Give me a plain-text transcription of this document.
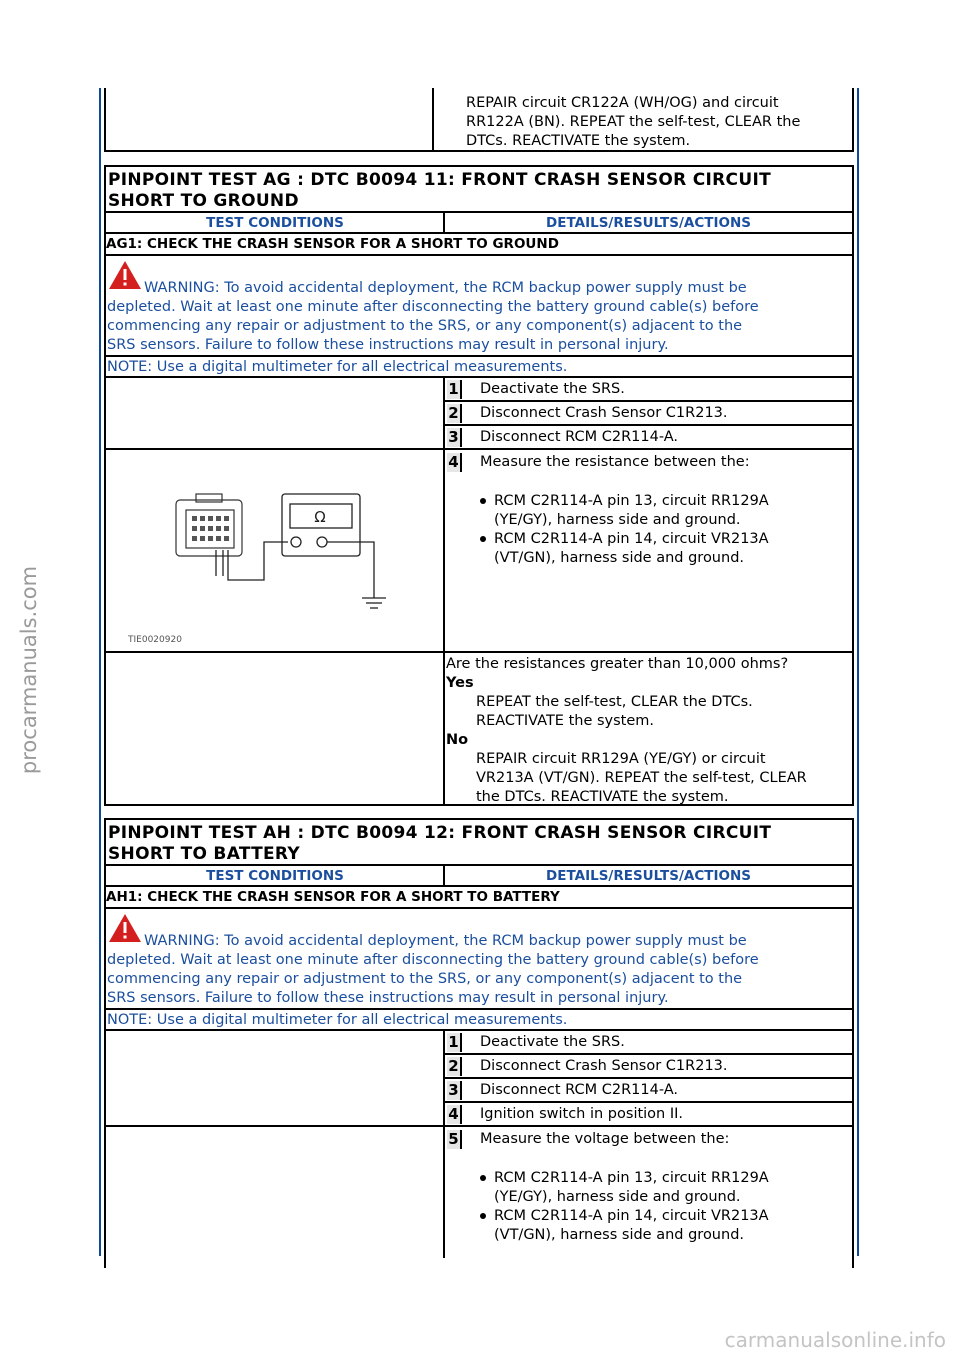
procarmanuals.com
carmanualsonline.info
REPAIR circuit CR122A (WH/OG) and circuit
RR122A (BN). REPEAT the self-test, CLEAR the
DTCs. REACTIVATE the system.
PINPOINT TEST AG : DTC B0094 11: FRONT CRASH SENSOR CIRCUIT
SHORT TO GROUND
TEST CONDITIONS	DETAILS/RESULTS/ACTIONS
AG1: CHECK THE CRASH SENSOR FOR A SHORT TO GROUND
WARNING: To avoid accidental deployment, the RCM backup power supply must be
depleted. Wait at least one minute after disconnecting the battery ground cable(s) before
commencing any repair or adjustment to the SRS, or any component(s) adjacent to the
SRS sensors. Failure to follow these instructions may result in personal injury.
NOTE: Use a digital multimeter for all electrical measurements.
1 Deactivate the SRS.
2 Disconnect Crash Sensor C1R213.
3 Disconnect RCM C2R114-A.
4 Measure the resistance between the:
RCM C2R114-A pin 13, circuit RR129A
(YE/GY), harness side and ground.
RCM C2R114-A pin 14, circuit VR213A
(VT/GN), harness side and ground.
Ω
TIE0020920
Are the resistances greater than 10,000 ohms?
Yes
REPEAT the self-test, CLEAR the DTCs.
REACTIVATE the system.
No
REPAIR circuit RR129A (YE/GY) or circuit
VR213A (VT/GN). REPEAT the self-test, CLEAR
the DTCs. REACTIVATE the system.
PINPOINT TEST AH : DTC B0094 12: FRONT CRASH SENSOR CIRCUIT
SHORT TO BATTERY
TEST CONDITIONS	DETAILS/RESULTS/ACTIONS
AH1: CHECK THE CRASH SENSOR FOR A SHORT TO BATTERY
WARNING: To avoid accidental deployment, the RCM backup power supply must be
depleted. Wait at least one minute after disconnecting the battery ground cable(s) before
commencing any repair or adjustment to the SRS, or any component(s) adjacent to the
SRS sensors. Failure to follow these instructions may result in personal injury.
NOTE: Use a digital multimeter for all electrical measurements.
1 Deactivate the SRS.
2 Disconnect Crash Sensor C1R213.
3 Disconnect RCM C2R114-A.
4 Ignition switch in position II.
5 Measure the voltage between the:
RCM C2R114-A pin 13, circuit RR129A
(YE/GY), harness side and ground.
RCM C2R114-A pin 14, circuit VR213A
(VT/GN), harness side and ground.
